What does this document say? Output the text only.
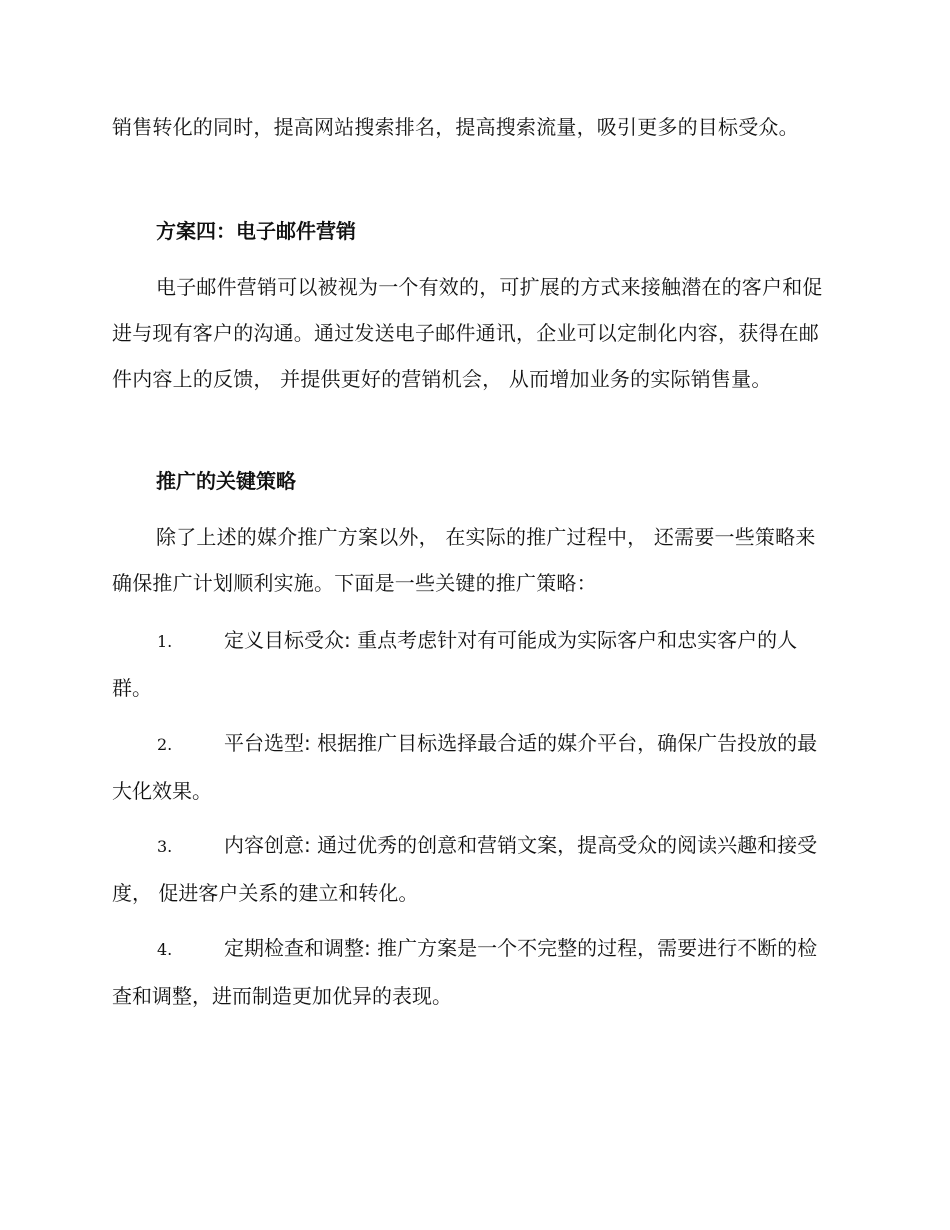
销售转化的同时，提高网站搜索排名，提高搜索流量，吸引更多的目标受众。

方案四：电子邮件营销

电子邮件营销可以被视为一个有效的，可扩展的方式来接触潜在的客户和促进与现有客户的沟通。通过发送电子邮件通讯，企业可以定制化内容，获得在邮件内容上的反馈， 并提供更好的营销机会， 从而增加业务的实际销售量。

推广的关键策略

除了上述的媒介推广方案以外， 在实际的推广过程中， 还需要一些策略来确保推广计划顺利实施。下面是一些关键的推广策略：

1.	定义目标受众: 重点考虑针对有可能成为实际客户和忠实客户的人群。

2.	平台选型: 根据推广目标选择最合适的媒介平台，确保广告投放的最大化效果。

3.	内容创意: 通过优秀的创意和营销文案，提高受众的阅读兴趣和接受度， 促进客户关系的建立和转化。

4.	定期检查和调整: 推广方案是一个不完整的过程，需要进行不断的检查和调整，进而制造更加优异的表现。
